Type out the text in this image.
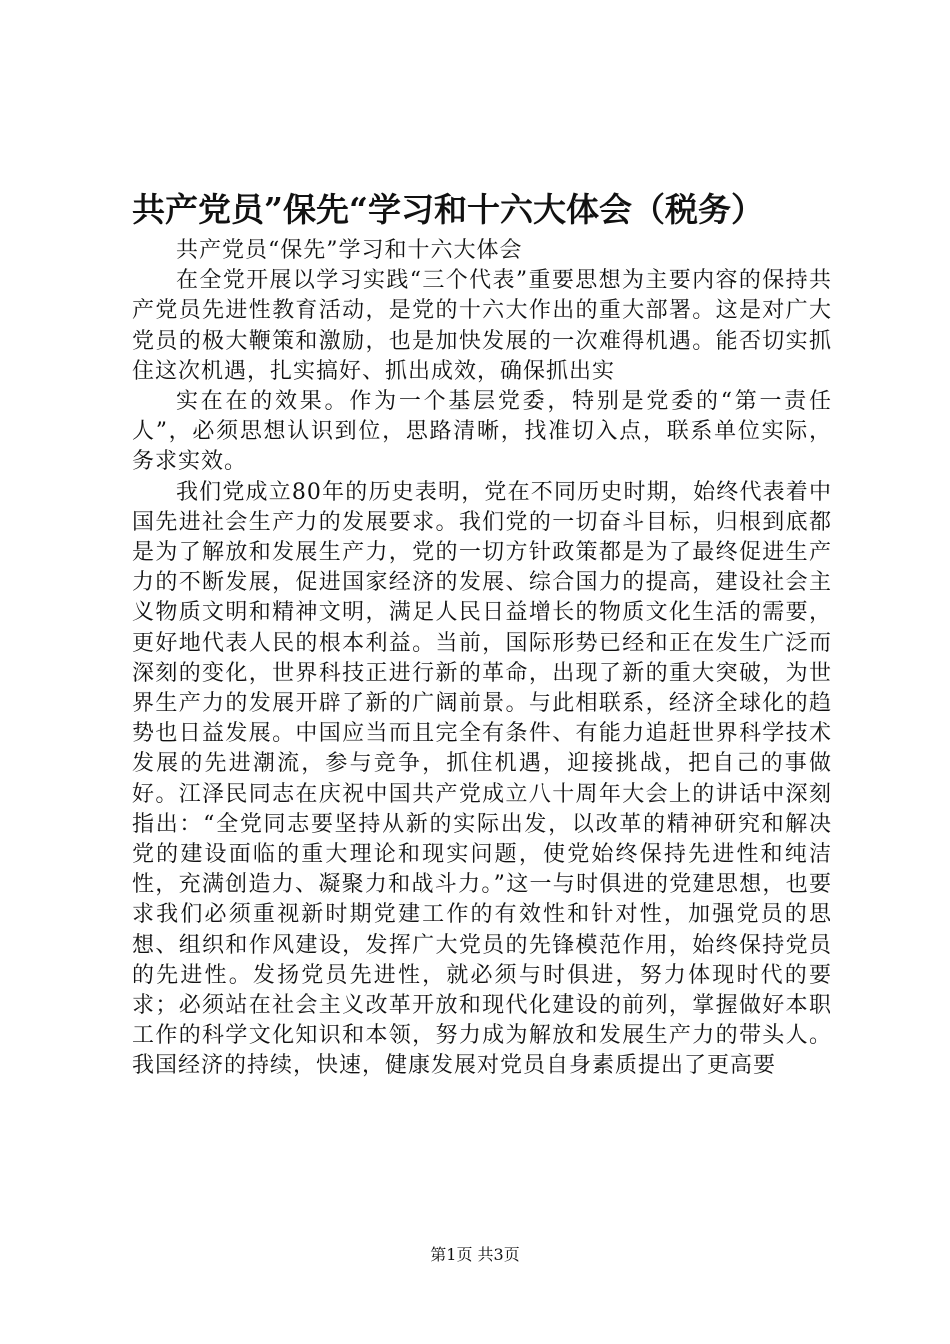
共产党员”保先“学习和十六大体会（税务）

共产党员“保先”学习和十六大体会

在全党开展以学习实践“三个代表”重要思想为主要内容的保持共产党员先进性教育活动，是党的十六大作出的重大部署。这是对广大党员的极大鞭策和激励，也是加快发展的一次难得机遇。能否切实抓住这次机遇，扎实搞好、抓出成效，确保抓出实

实在在的效果。作为一个基层党委，特别是党委的“第一责任人”，必须思想认识到位，思路清晰，找准切入点，联系单位实际，务求实效。

我们党成立80年的历史表明，党在不同历史时期，始终代表着中国先进社会生产力的发展要求。我们党的一切奋斗目标，归根到底都是为了解放和发展生产力，党的一切方针政策都是为了最终促进生产力的不断发展，促进国家经济的发展、综合国力的提高，建设社会主义物质文明和精神文明，满足人民日益增长的物质文化生活的需要，更好地代表人民的根本利益。当前，国际形势已经和正在发生广泛而深刻的变化，世界科技正进行新的革命，出现了新的重大突破，为世界生产力的发展开辟了新的广阔前景。与此相联系，经济全球化的趋势也日益发展。中国应当而且完全有条件、有能力追赶世界科学技术发展的先进潮流，参与竞争，抓住机遇，迎接挑战，把自己的事做好。江泽民同志在庆祝中国共产党成立八十周年大会上的讲话中深刻指出：“全党同志要坚持从新的实际出发，以改革的精神研究和解决党的建设面临的重大理论和现实问题，使党始终保持先进性和纯洁性，充满创造力、凝聚力和战斗力。”这一与时俱进的党建思想，也要求我们必须重视新时期党建工作的有效性和针对性，加强党员的思想、组织和作风建设，发挥广大党员的先锋模范作用，始终保持党员的先进性。发扬党员先进性，就必须与时俱进，努力体现时代的要求；必须站在社会主义改革开放和现代化建设的前列，掌握做好本职工作的科学文化知识和本领，努力成为解放和发展生产力的带头人。我国经济的持续，快速，健康发展对党员自身素质提出了更高要

第1页 共3页
